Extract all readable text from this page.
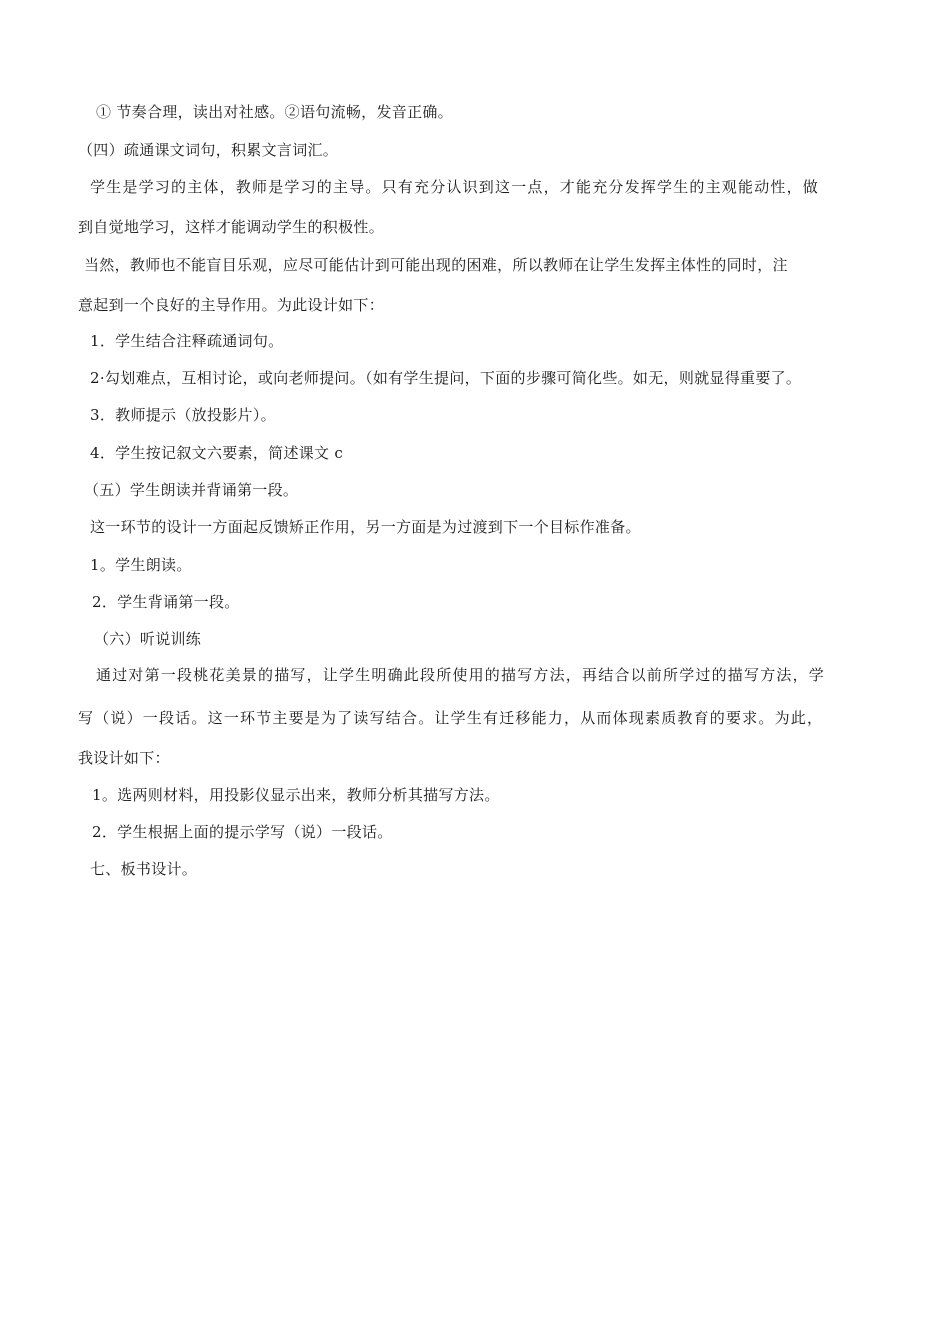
① 节奏合理，读出对社感。②语句流畅，发音正确。
（四）疏通课文词句，积累文言词汇。
学生是学习的主体，教师是学习的主导。只有充分认识到这一点，才能充分发挥学生的主观能动性，做
到自觉地学习，这样才能调动学生的积极性。
当然，教师也不能盲目乐观，应尽可能估计到可能出现的困难，所以教师在让学生发挥主体性的同时，注
意起到一个良好的主导作用。为此设计如下：
1．学生结合注释疏通词句。
2·勾划难点，互相讨论，或向老师提问。（如有学生提问，下面的步骤可简化些。如无，则就显得重要了。
3．教师提示（放投影片）。
4．学生按记叙文六要素，简述课文 c
（五）学生朗读并背诵第一段。
这一环节的设计一方面起反馈矫正作用，另一方面是为过渡到下一个目标作准备。
1。学生朗读。
2．学生背诵第一段。
（六）听说训练
通过对第一段桃花美景的描写，让学生明确此段所使用的描写方法，再结合以前所学过的描写方法，学
写（说）一段话。这一环节主要是为了读写结合。让学生有迁移能力，从而体现素质教育的要求。为此，
我设计如下：
1。选两则材料，用投影仪显示出来，教师分析其描写方法。
2．学生根据上面的提示学写（说）一段话。
七、板书设计。
